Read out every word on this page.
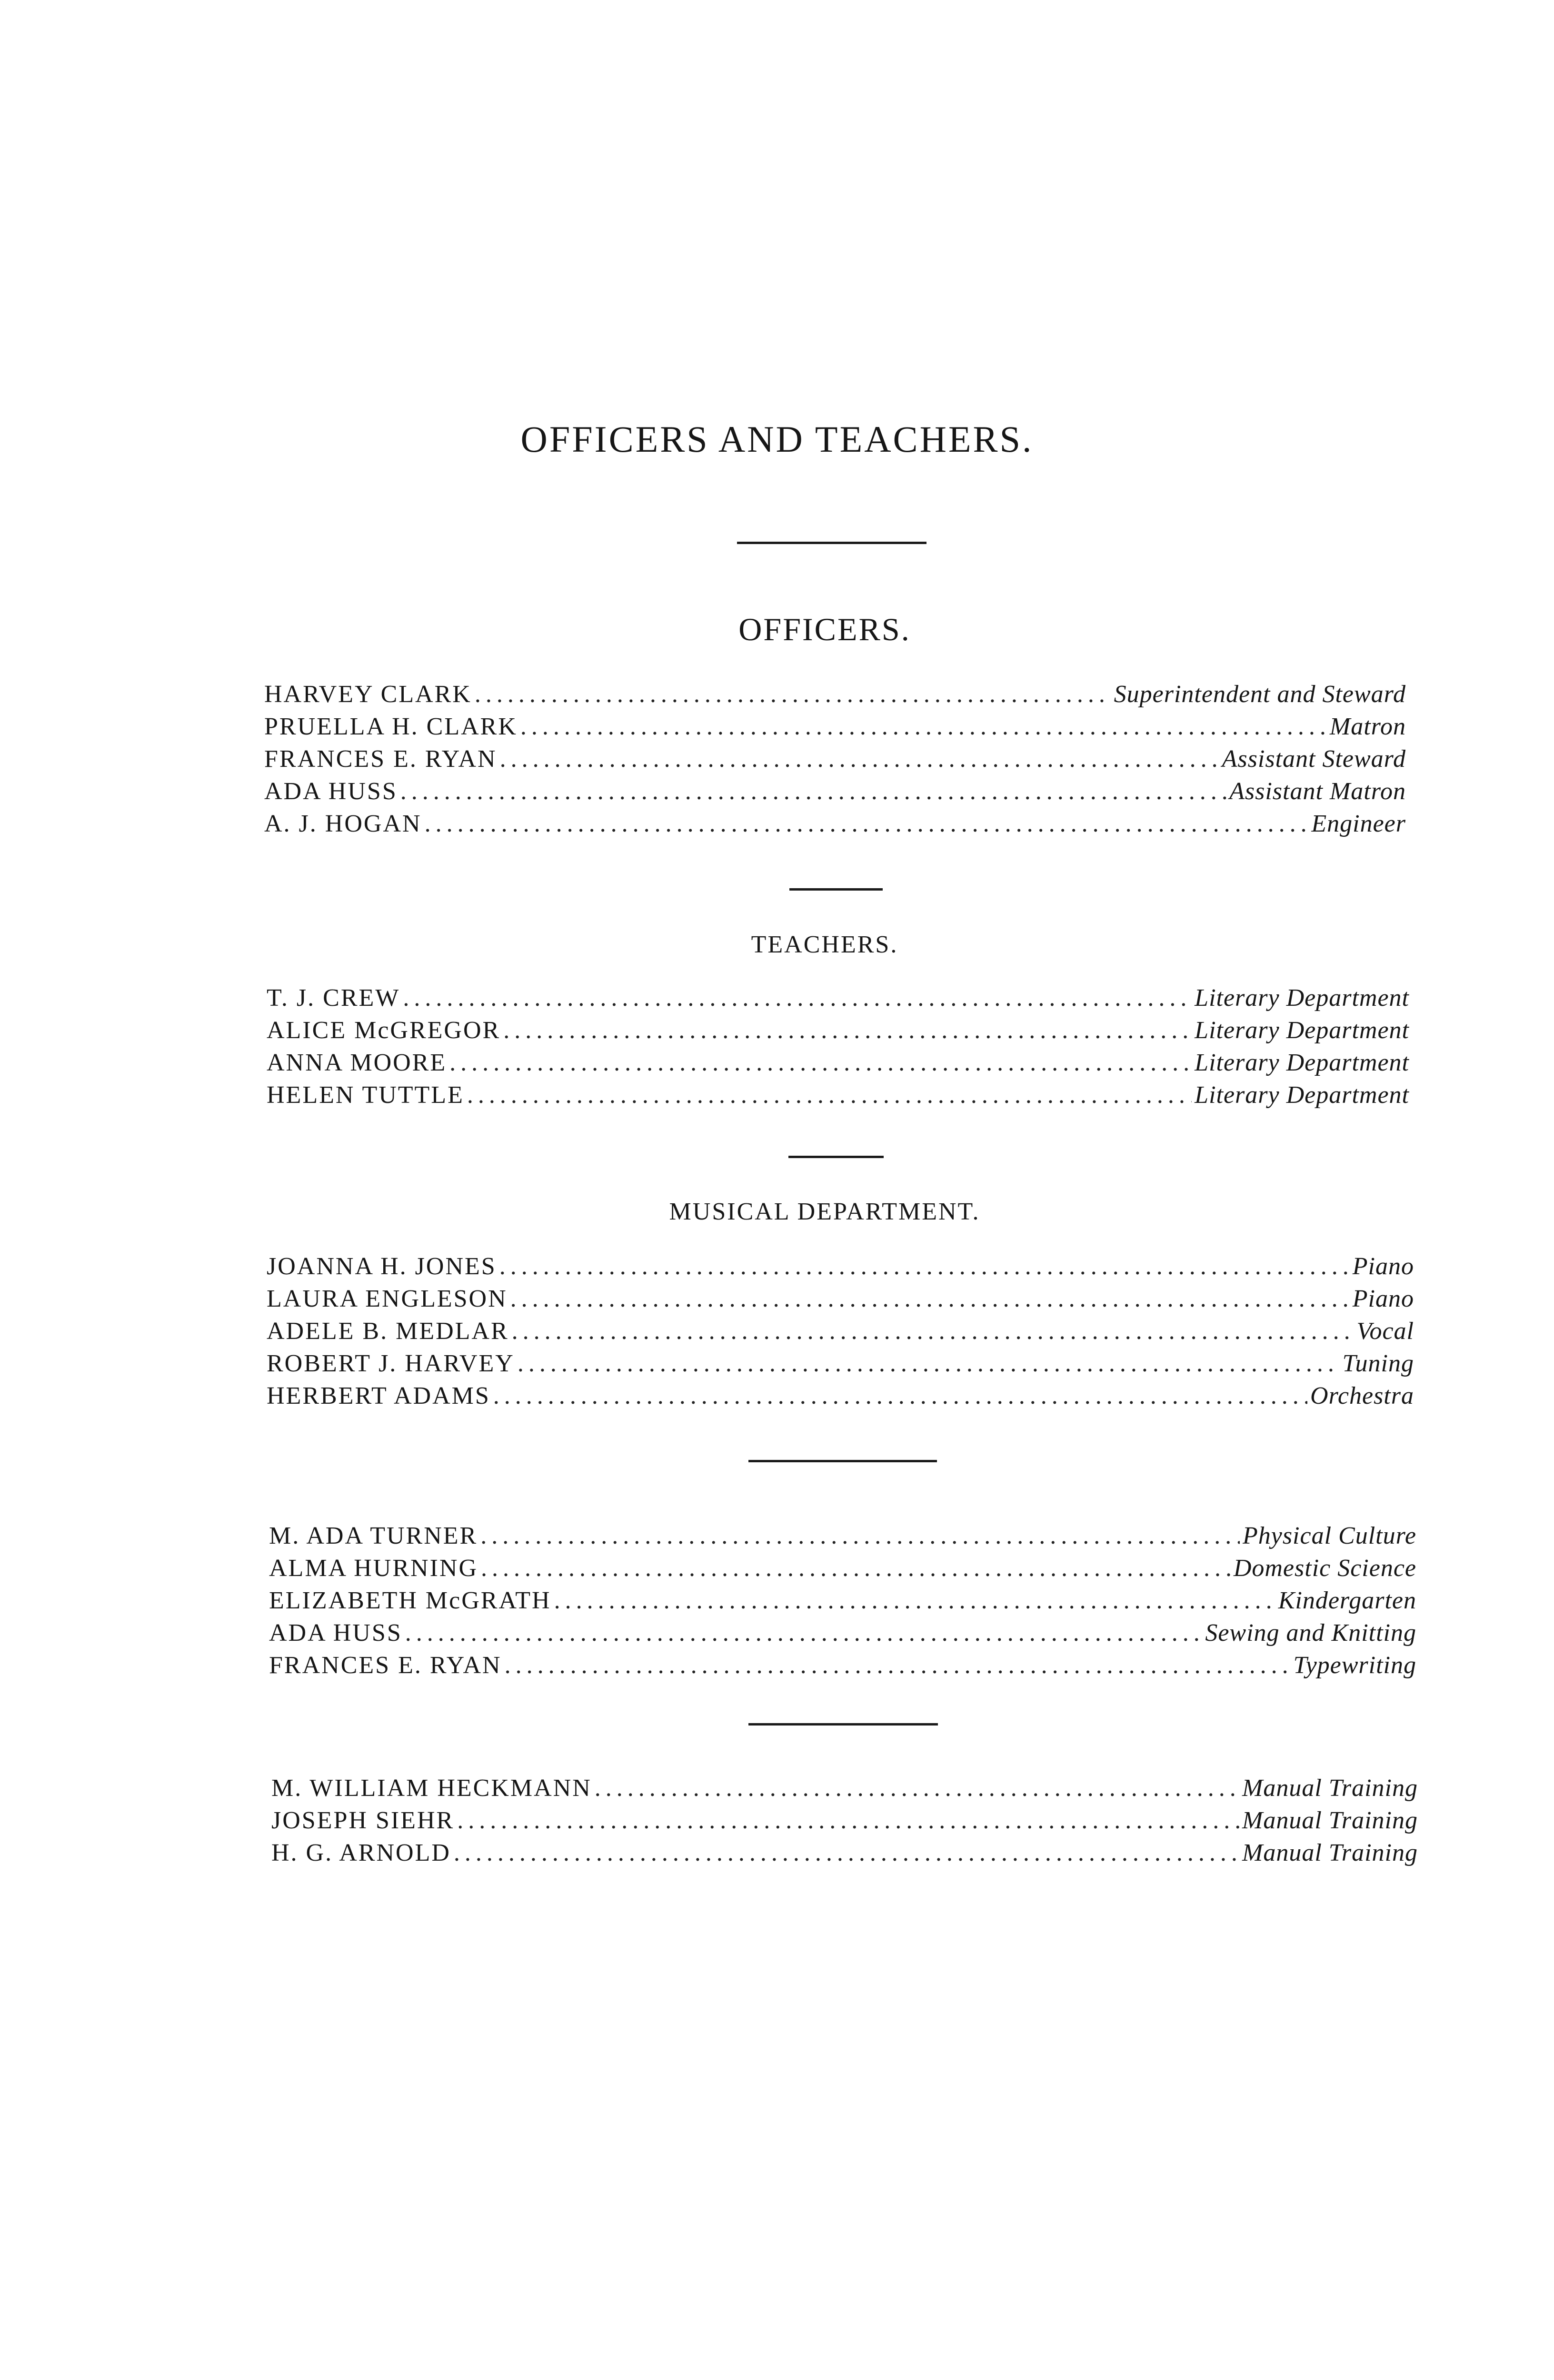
OFFICERS AND TEACHERS.
OFFICERS.
HARVEY CLARK .....	Superintendent and Steward
PRUELLA H. CLARK .....	Matron
FRANCES E. RYAN .....	Assistant Steward
ADA HUSS .....	Assistant Matron
A. J. HOGAN .....	Engineer
TEACHERS.
T. J. CREW .....	Literary Department
ALICE McGREGOR .....	Literary Department
ANNA MOORE .....	Literary Department
HELEN TUTTLE .....	Literary Department
MUSICAL DEPARTMENT.
JOANNA H. JONES .....	Piano
LAURA ENGLESON .....	Piano
ADELE B. MEDLAR .....	Vocal
ROBERT J. HARVEY .....	Tuning
HERBERT ADAMS .....	Orchestra
M. ADA TURNER .....	Physical Culture
ALMA HURNING .....	Domestic Science
ELIZABETH McGRATH .....	Kindergarten
ADA HUSS .....	Sewing and Knitting
FRANCES E. RYAN .....	Typewriting
M. WILLIAM HECKMANN .....	Manual Training
JOSEPH SIEHR .....	Manual Training
H. G. ARNOLD .....	Manual Training
